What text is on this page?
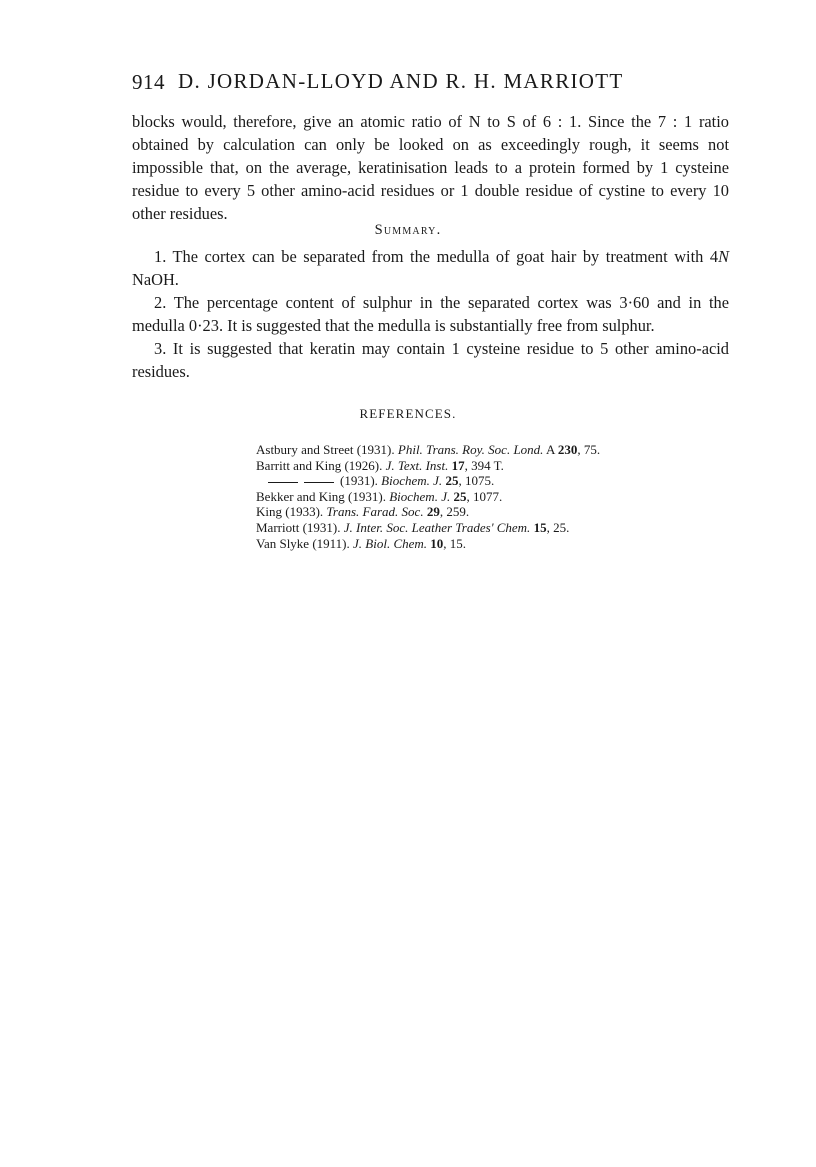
914 D. JORDAN-LLOYD AND R. H. MARRIOTT

blocks would, therefore, give an atomic ratio of N to S of 6 : 1. Since the 7 : 1 ratio obtained by calculation can only be looked on as exceedingly rough, it seems not impossible that, on the average, keratinisation leads to a protein formed by 1 cysteine residue to every 5 other amino-acid residues or 1 double residue of cystine to every 10 other residues.

Summary.

1. The cortex can be separated from the medulla of goat hair by treatment with 4N NaOH.

2. The percentage content of sulphur in the separated cortex was 3·60 and in the medulla 0·23. It is suggested that the medulla is substantially free from sulphur.

3. It is suggested that keratin may contain 1 cysteine residue to 5 other amino-acid residues.

REFERENCES.
Astbury and Street (1931). Phil. Trans. Roy. Soc. Lond. A 230, 75.
Barritt and King (1926). J. Text. Inst. 17, 394 T.
(1931). Biochem. J. 25, 1075.
Bekker and King (1931). Biochem. J. 25, 1077.
King (1933). Trans. Farad. Soc. 29, 259.
Marriott (1931). J. Inter. Soc. Leather Trades' Chem. 15, 25.
Van Slyke (1911). J. Biol. Chem. 10, 15.
